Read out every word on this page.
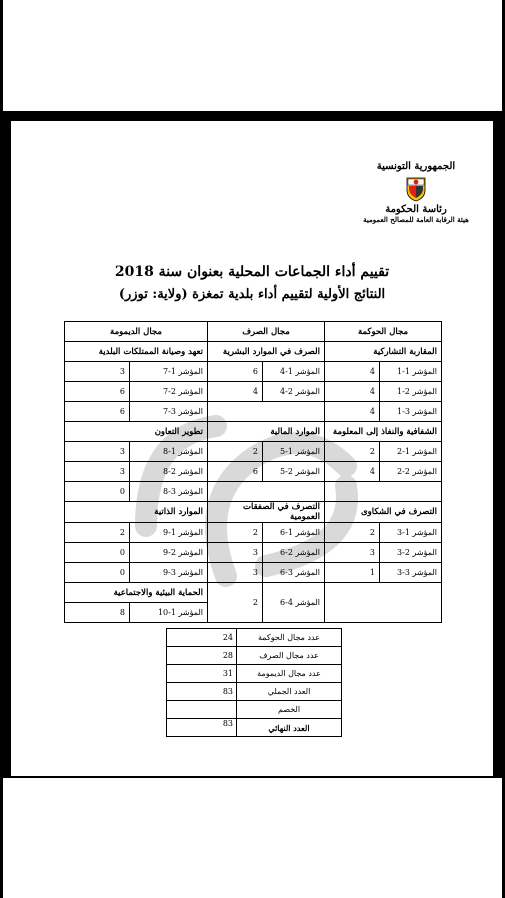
الجمهورية التونسية
رئاسة الحكومة
هيئة الرقابة العامة للمصالح العمومية
تقييم أداء الجماعات المحلية بعنوان سنة 2018
النتائج الأولية لتقييم أداء بلدية تمغزة (ولاية: توزر)
مجال الحوكمة		مجال الصرف		مجال الديمومة	
المقاربة التشاركية		الصرف في الموارد البشرية		تعهد وصيانة الممتلكات البلدية	
المؤشر 1-1	4	المؤشر 1-4	6	المؤشر 1-7	3
المؤشر 2-1	4	المؤشر 2-4	4	المؤشر 2-7	6
المؤشر 3-1	4			المؤشر 3-7	6
الشفافية والنفاذ إلى المعلومة		الموارد المالية		تطوير التعاون	
المؤشر 1-2	2	المؤشر 1-5	2	المؤشر 1-8	3
المؤشر 2-2	4	المؤشر 2-5	6	المؤشر 2-8	3
				المؤشر 3-8	0
التصرف في الشكاوى		التصرف في الصفقات العمومية		الموارد الذاتية	
المؤشر 1-3	2	المؤشر 1-6	2	المؤشر 1-9	2
المؤشر 2-3	3	المؤشر 2-6	3	المؤشر 2-9	0
المؤشر 3-3	1	المؤشر 3-6	3	المؤشر 3-9	0
		المؤشر 4-6	2	الحماية البيئية والاجتماعية	
				المؤشر 1-10	8
عدد مجال الحوكمة	24
عدد مجال الصرف	28
عدد مجال الديمومة	31
العدد الجملي	83
الخصم	
العدد النهائي	83
